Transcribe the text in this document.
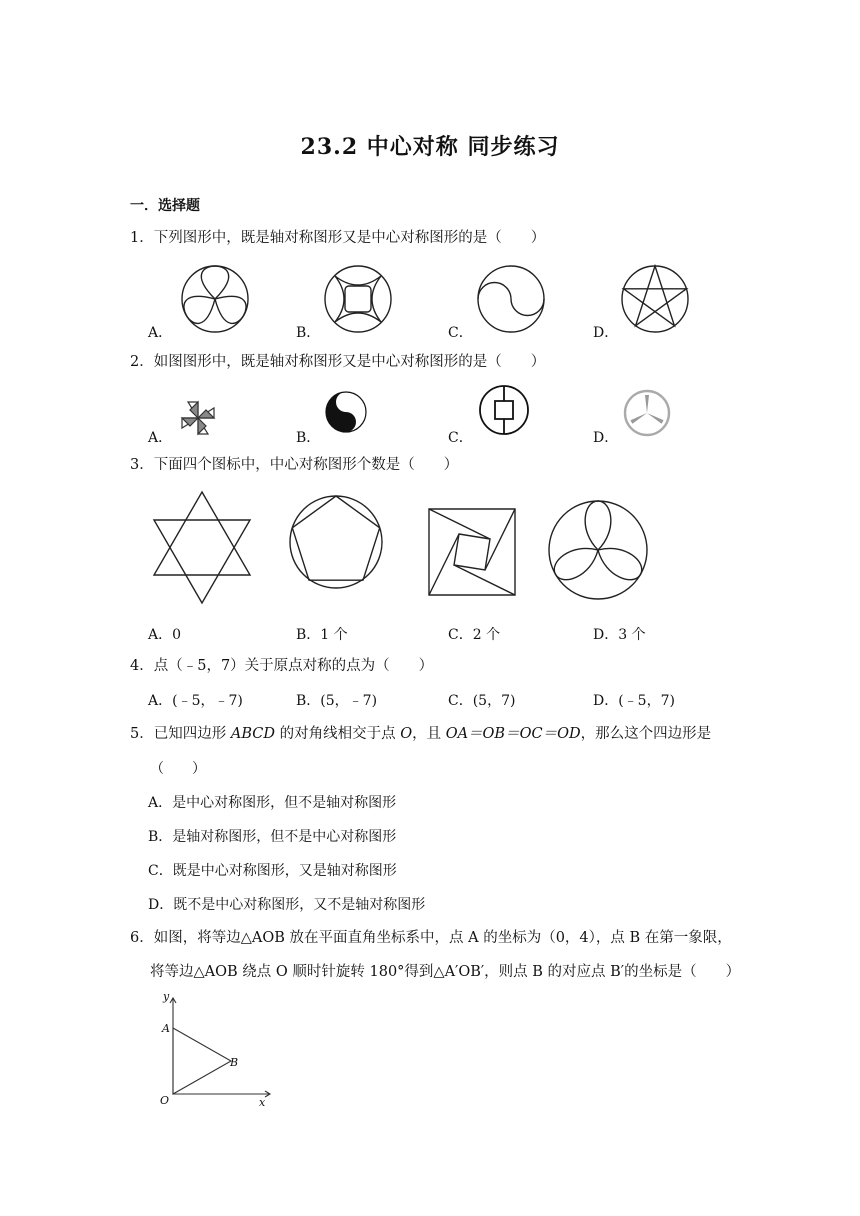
23.2 中心对称 同步练习
一．选择题
1．下列图形中，既是轴对称图形又是中心对称图形的是（　　）
A．	B．	C．	D．
2．如图图形中，既是轴对称图形又是中心对称图形的是（　　）
A．	B．	C．	D．
3．下面四个图标中，中心对称图形个数是（　　）
A．0	B．1 个	C．2 个	D．3 个
4．点（﹣5，7）关于原点对称的点为（　　）
A．(﹣5，﹣7)	B．(5，﹣7)	C．(5，7)	D．(﹣5，7)
5．已知四边形 ABCD 的对角线相交于点 O，且 OA＝OB＝OC＝OD，那么这个四边形是
（　　）
A．是中心对称图形，但不是轴对称图形
B．是轴对称图形，但不是中心对称图形
C．既是中心对称图形，又是轴对称图形
D．既不是中心对称图形，又不是轴对称图形
6．如图，将等边△AOB 放在平面直角坐标系中，点 A 的坐标为（0，4），点 B 在第一象限，
将等边△AOB 绕点 O 顺时针旋转 180°得到△A′OB′，则点 B 的对应点 B′的坐标是（　　）
y
x
A
B
O
